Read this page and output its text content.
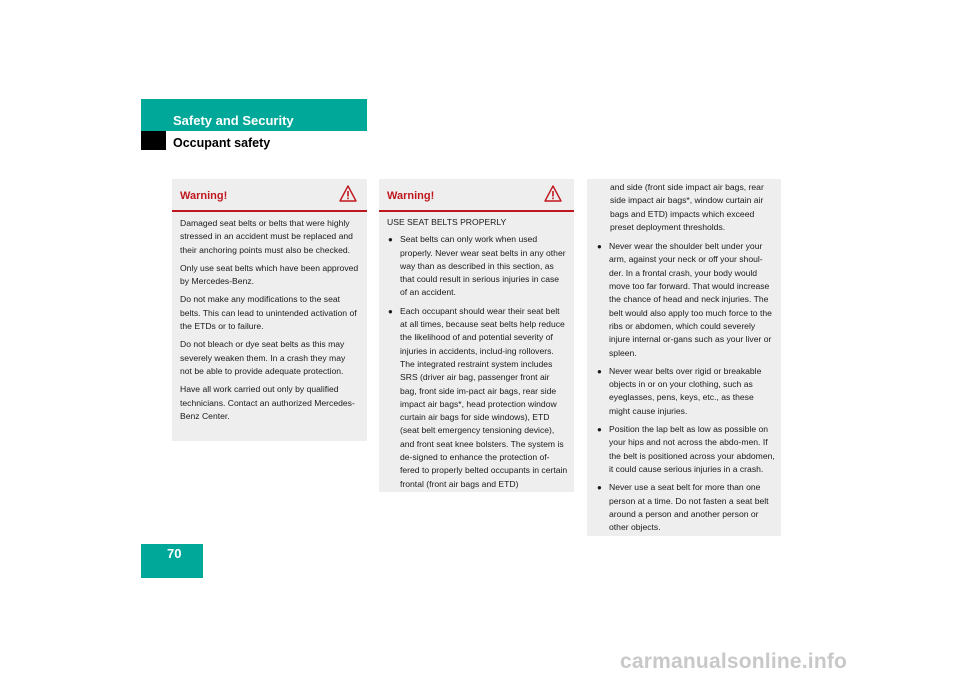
Safety and Security
Occupant safety
Warning!

Damaged seat belts or belts that were highly stressed in an accident must be replaced and their anchoring points must also be checked.

Only use seat belts which have been approved by Mercedes-Benz.

Do not make any modifications to the seat belts. This can lead to unintended activation of the ETDs or to failure.

Do not bleach or dye seat belts as this may severely weaken them. In a crash they may not be able to provide adequate protection.

Have all work carried out only by qualified technicians. Contact an authorized Mercedes-Benz Center.

Warning!

USE SEAT BELTS PROPERLY

● Seat belts can only work when used properly. Never wear seat belts in any other way than as described in this section, as that could result in serious injuries in case of an accident.
● Each occupant should wear their seat belt at all times, because seat belts help reduce the likelihood of and potential severity of injuries in accidents, includ-ing rollovers. The integrated restraint system includes SRS (driver air bag, passenger front air bag, front side im-pact air bags, rear side impact air bags*, head protection window curtain air bags for side windows), ETD (seat belt emergency tensioning device), and front seat knee bolsters. The system is de-signed to enhance the protection of-fered to properly belted occupants in certain frontal (front air bags and ETD)
and side (front side impact air bags, rear side impact air bags*, window curtain air bags and ETD) impacts which exceed preset deployment thresholds.
● Never wear the shoulder belt under your arm, against your neck or off your shoul-der. In a frontal crash, your body would move too far forward. That would increase the chance of head and neck injuries. The belt would also apply too much force to the ribs or abdomen, which could severely injure internal or-gans such as your liver or spleen.
● Never wear belts over rigid or breakable objects in or on your clothing, such as eyeglasses, pens, keys, etc., as these might cause injuries.
● Position the lap belt as low as possible on your hips and not across the abdo-men. If the belt is positioned across your abdomen, it could cause serious injuries in a crash.
● Never use a seat belt for more than one person at a time. Do not fasten a seat belt around a person and another person or other objects.
70
carmanualsonline.info
